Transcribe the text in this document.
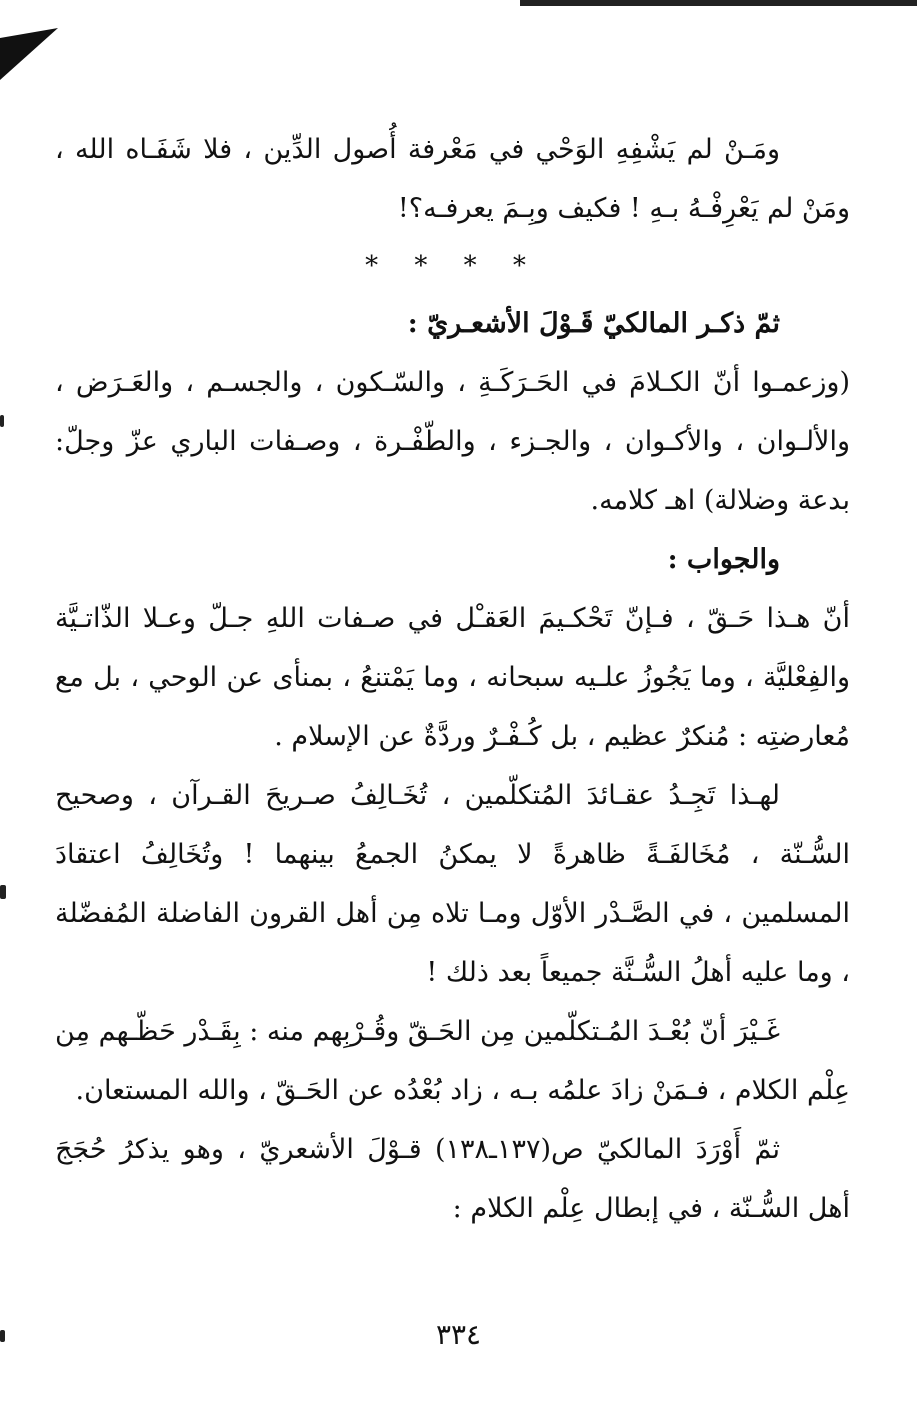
ومَـنْ لم يَشْفِهِ الوَحْي في مَعْرفة أُصول الدِّين ، فلا شَفَـاه الله ، ومَنْ لم يَعْرِفْـهُ بـهِ ! فكيف وبِـمَ يعرفـه؟!

* * * *

ثمّ ذكـر المالكيّ قَـوْلَ الأشعـريّ :

(وزعمـوا أنّ الكـلامَ في الحَـرَكَـةِ ، والسّـكون ، والجسـم ، والعَـرَض ، والألـوان ، والأكـوان ، والجـزء ، والطّفْـرة ، وصـفات الباري عزّ وجلّ: بدعة وضلالة) اهـ كلامه.

والجواب :

أنّ هـذا حَـقّ ، فـإنّ تَحْكـيمَ العَقـْل في صـفات اللهِ جـلّ وعـلا الذّاتـيَّة والفِعْليَّة ، وما يَجُوزُ علـيه سبحانه ، وما يَمْتنعُ ، بمنأى عن الوحي ، بل مع مُعارضتِه : مُنكرٌ عظيم ، بل كُـفْـرٌ وردَّةٌ عن الإسلام .

لهـذا تَجِـدُ عقـائدَ المُتكلّمين ، تُخَـالِفُ صـريحَ القـرآن ، وصحيح السُّـنّة ، مُخَالفَـةً ظاهرةً لا يمكنُ الجمعُ بينهما ! وتُخَالِفُ اعتقادَ المسلمين ، في الصَّـدْر الأوّل ومـا تلاه مِن أهل القرون الفاضلة المُفضّلة ، وما عليه أهلُ السُّـنَّة جميعاً بعد ذلك !

غَـيْرَ أنّ بُعْـدَ المُـتكلّمين مِن الحَـقّ وقُـرْبِهم منه : بِقَـدْر حَظّـهم مِن عِلْم الكلام ، فـمَنْ زادَ علمُه بـه ، زاد بُعْدُه عن الحَـقّ ، والله المستعان.

ثمّ أَوْرَدَ المالكيّ ص(١٣٧ـ١٣٨) قـوْلَ الأشعريّ ، وهو يذكرُ حُجَجَ أهل السُّـنّة ، في إبطال عِلْم الكلام :

٣٣٤
